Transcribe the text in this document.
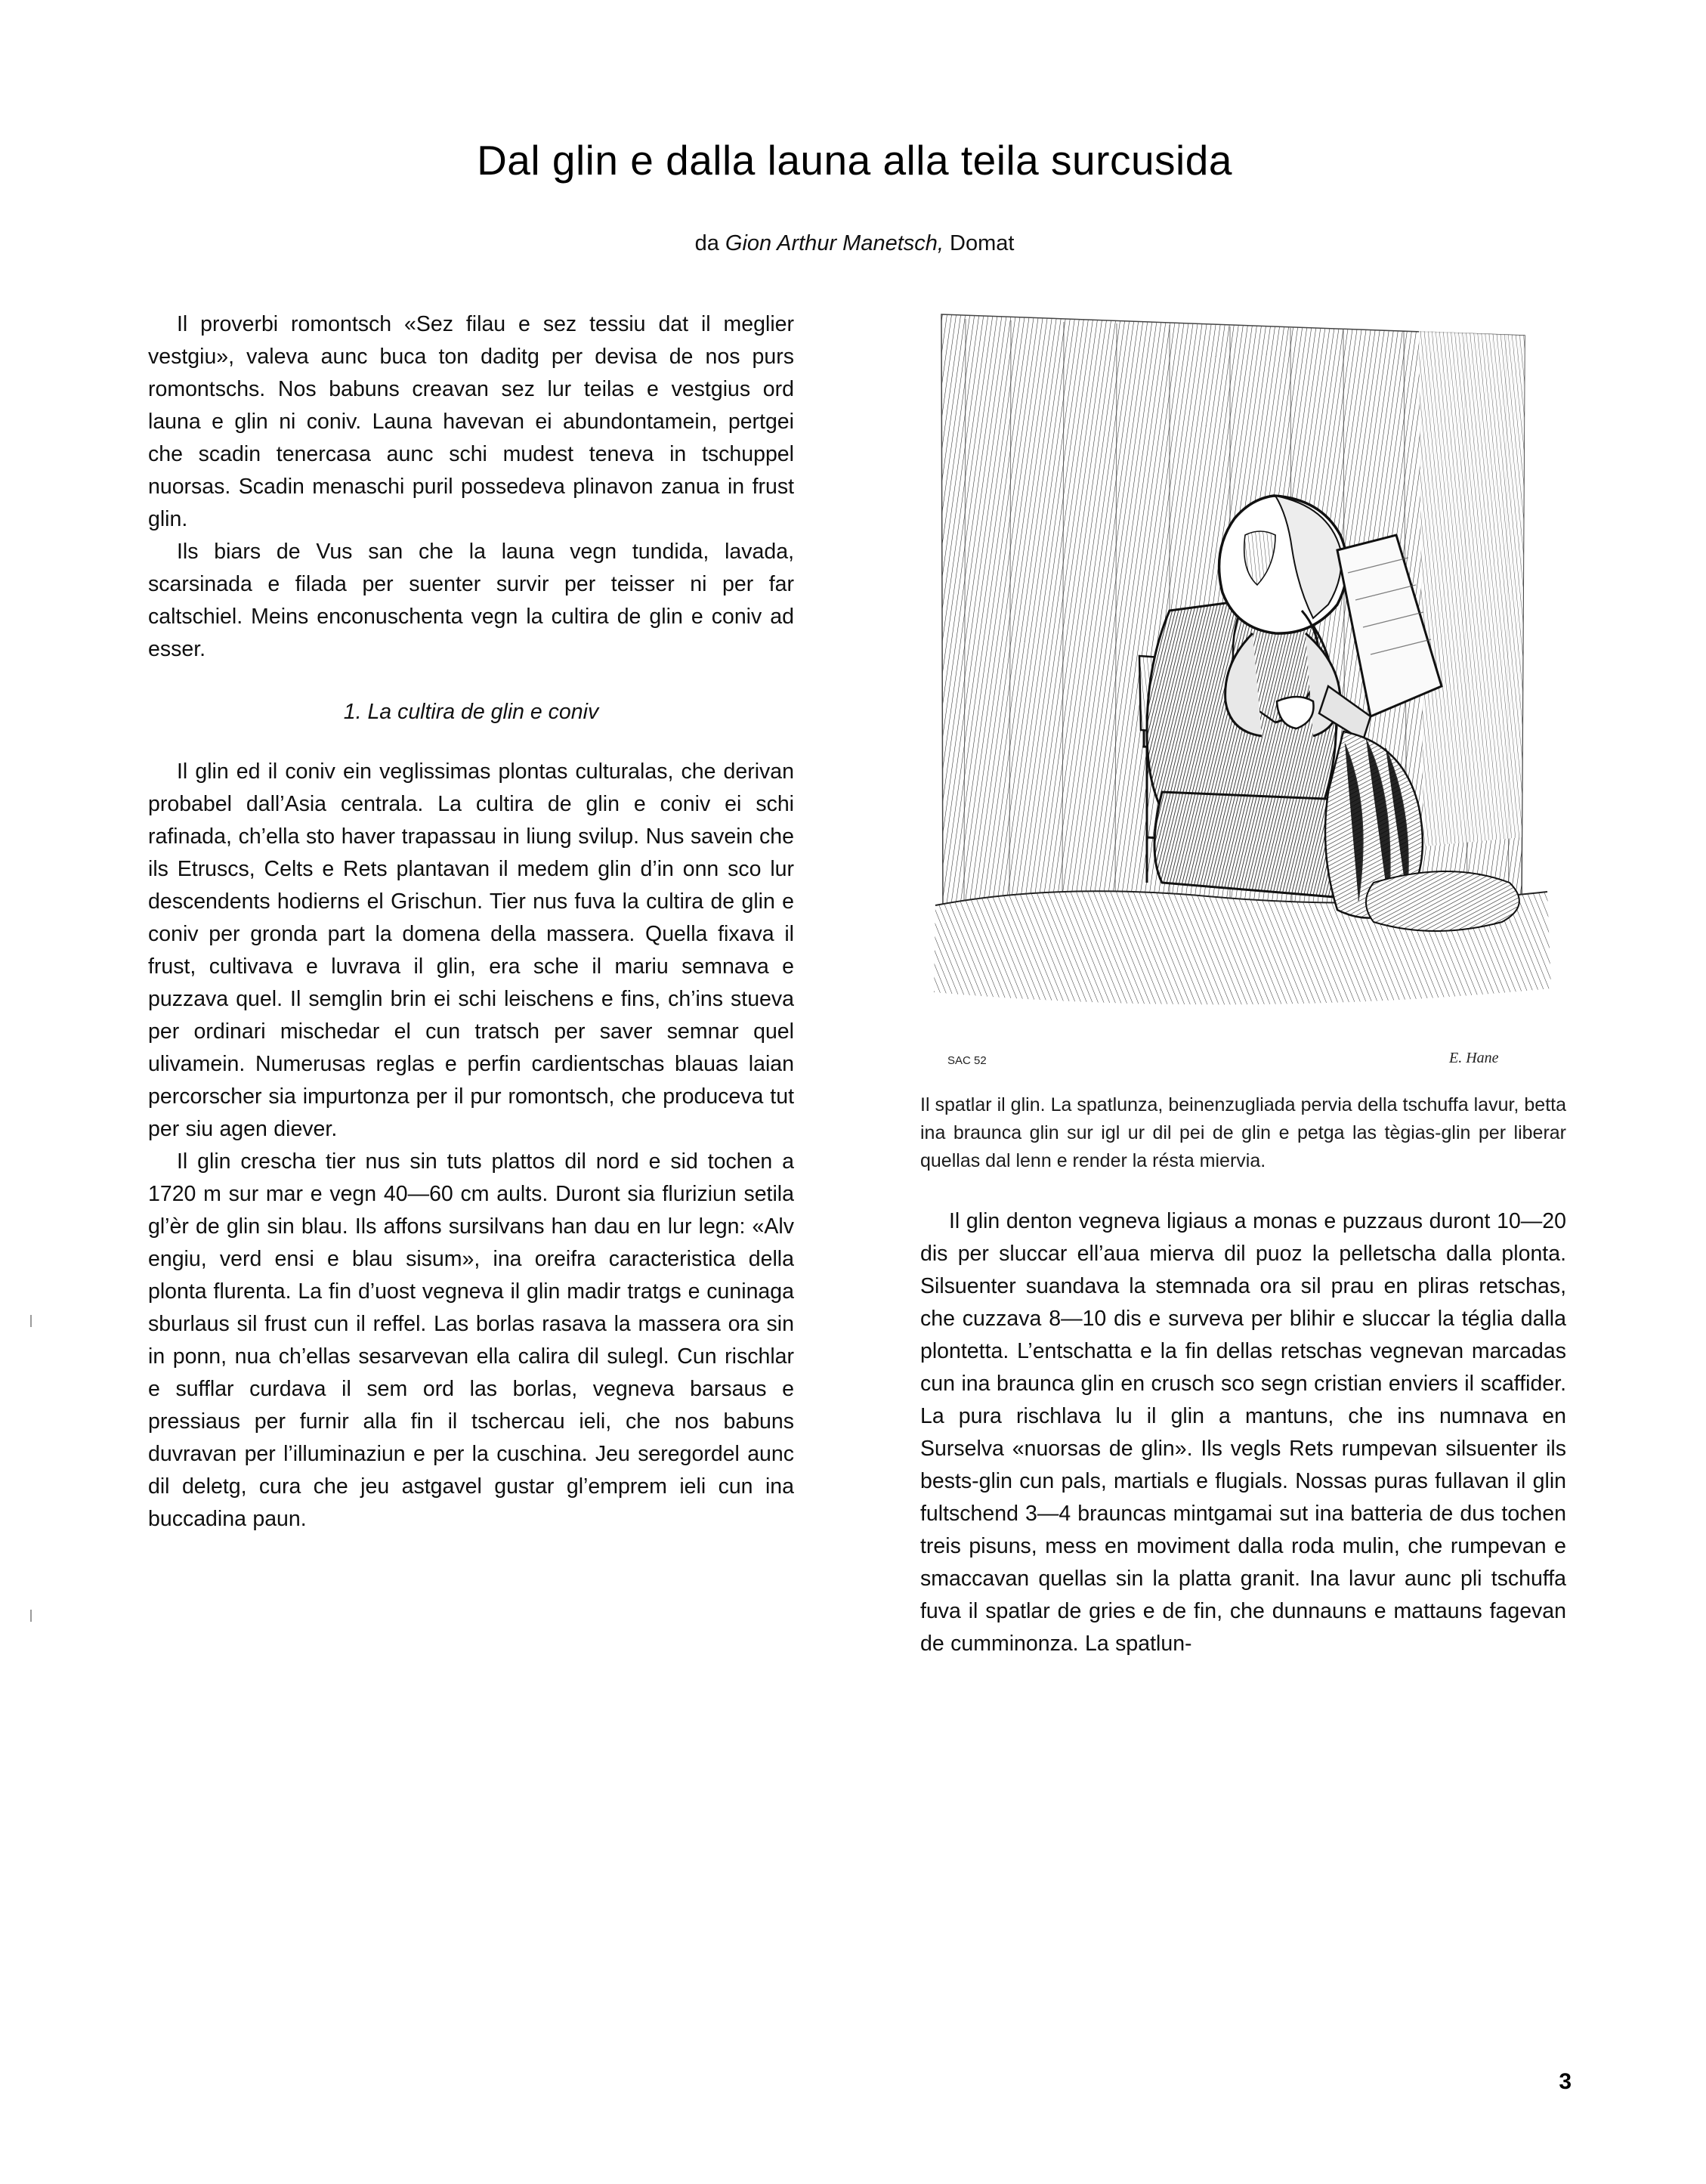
Dal glin e dalla launa alla teila surcusida
da Gion Arthur Manetsch, Domat

Il proverbi romontsch «Sez filau e sez tessiu dat il meglier vestgiu», valeva aunc buca ton daditg per devisa de nos purs romontschs. Nos babuns creavan sez lur teilas e vestgius ord launa e glin ni coniv. Launa havevan ei abundontamein, pertgei che scadin tenercasa aunc schi mudest teneva in tschuppel nuorsas. Scadin menaschi puril possedeva plinavon zanua in frust glin.

Ils biars de Vus san che la launa vegn tundida, lavada, scarsinada e filada per suenter survir per teisser ni per far caltschiel. Meins enconuschenta vegn la cultira de glin e coniv ad esser.

1. La cultira de glin e coniv

Il glin ed il coniv ein veglissimas plontas culturalas, che derivan probabel dall’Asia centrala. La cultira de glin e coniv ei schi rafinada, ch’ella sto haver trapassau in liung svilup. Nus savein che ils Etruscs, Celts e Rets plantavan il medem glin d’in onn sco lur descendents hodierns el Grischun. Tier nus fuva la cultira de glin e coniv per gronda part la domena della massera. Quella fixava il frust, cultivava e luvrava il glin, era sche il mariu semnava e puzzava quel. Il semglin brin ei schi leischens e fins, ch’ins stueva per ordinari mischedar el cun tratsch per saver semnar quel ulivamein. Numerusas reglas e perfin cardientschas blauas laian percorscher sia impurtonza per il pur romontsch, che produceva tut per siu agen diever.

Il glin crescha tier nus sin tuts plattos dil nord e sid tochen a 1720 m sur mar e vegn 40—60 cm aults. Duront sia fluriziun setila gl’èr de glin sin blau. Ils affons sursilvans han dau en lur legn: «Alv engiu, verd ensi e blau sisum», ina oreifra caracteristica della plonta flurenta. La fin d’uost vegneva il glin madir tratgs e cuninaga sburlaus sil frust cun il reffel. Las borlas rasava la massera ora sin in ponn, nua ch’ellas sesarvevan ella calira dil sulegl. Cun rischlar e sufflar curdava il sem ord las borlas, vegneva barsaus e pressiaus per furnir alla fin il tschercau ieli, che nos babuns duvravan per l’illuminaziun e per la cuschina. Jeu seregordel aunc dil deletg, cura che jeu astgavel gustar gl’emprem ieli cun ina buccadina paun.

SAC 52	E. Hane
Il spatlar il glin. La spatlunza, beinenzugliada pervia della tschuffa lavur, betta ina braunca glin sur igl ur dil pei de glin e petga las tègias-glin per liberar quellas dal lenn e render la résta miervia.

Il glin denton vegneva ligiaus a monas e puzzaus duront 10—20 dis per sluccar ell’aua mierva dil puoz la pelletscha dalla plonta. Silsuenter suandava la stemnada ora sil prau en pliras retschas, che cuzzava 8—10 dis e surveva per blihir e sluccar la téglia dalla plontetta. L’entschatta e la fin dellas retschas vegnevan marcadas cun ina braunca glin en crusch sco segn cristian enviers il scaffider. La pura rischlava lu il glin a mantuns, che ins numnava en Surselva «nuorsas de glin». Ils vegls Rets rumpevan silsuenter ils bests-glin cun pals, martials e flugials. Nossas puras fullavan il glin fultschend 3—4 brauncas mintgamai sut ina batteria de dus tochen treis pisuns, mess en moviment dalla roda mulin, che rumpevan e smaccavan quellas sin la platta granit. Ina lavur aunc pli tschuffa fuva il spatlar de gries e de fin, che dunnauns e mattauns fagevan de cumminonza. La spatlun-

3
